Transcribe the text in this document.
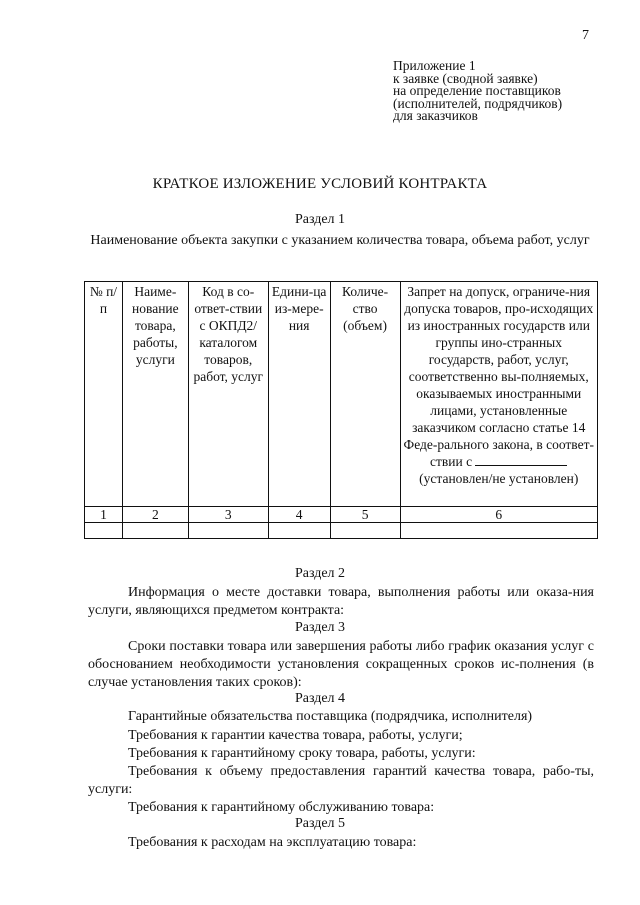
7
Приложение 1
к заявке (сводной заявке)
на определение поставщиков
(исполнителей, подрядчиков)
для заказчиков
КРАТКОЕ ИЗЛОЖЕНИЕ УСЛОВИЙ КОНТРАКТА
Раздел 1
Наименование объекта закупки с указанием количества товара, объема работ, услуг
№ п/п	Наиме-нование товара, работы, услуги	Код в со-ответ-ствии с ОКПД2/ каталогом товаров, работ, услуг	Едини-ца из-мере-ния	Количе-ство (объем)	Запрет на допуск, ограниче-ния допуска товаров, про-исходящих из иностранных государств или группы ино-странных государств, работ, услуг, соответственно вы-полняемых, оказываемых иностранными лицами, установленные заказчиком согласно статье 14 Феде-рального закона, в соответ-ствии с
(установлен/не установлен)
1	2	3	4	5	6

Раздел 2
Информация о месте доставки товара, выполнения работы или оказа-ния услуги, являющихся предметом контракта:
Раздел 3
Сроки поставки товара или завершения работы либо график оказания услуг с обоснованием необходимости установления сокращенных сроков ис-полнения (в случае установления таких сроков):
Раздел 4
Гарантийные обязательства поставщика (подрядчика, исполнителя)
Требования к гарантии качества товара, работы, услуги;
Требования к гарантийному сроку товара, работы, услуги:
Требования к объему предоставления гарантий качества товара, рабо-ты, услуги:
Требования к гарантийному обслуживанию товара:
Раздел 5
Требования к расходам на эксплуатацию товара:
